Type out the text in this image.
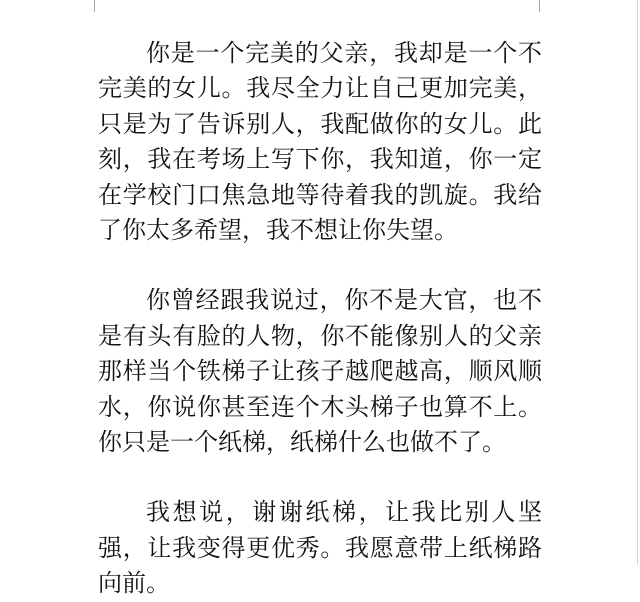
你是一个完美的父亲，我却是一个不完美的女儿。我尽全力让自己更加完美，只是为了告诉别人，我配做你的女儿。此刻，我在考场上写下你，我知道，你一定在学校门口焦急地等待着我的凯旋。我给了你太多希望，我不想让你失望。

你曾经跟我说过，你不是大官，也不是有头有脸的人物，你不能像别人的父亲那样当个铁梯子让孩子越爬越高，顺风顺水，你说你甚至连个木头梯子也算不上。你只是一个纸梯，纸梯什么也做不了。

我想说，谢谢纸梯，让我比别人坚强，让我变得更优秀。我愿意带上纸梯路向前。
